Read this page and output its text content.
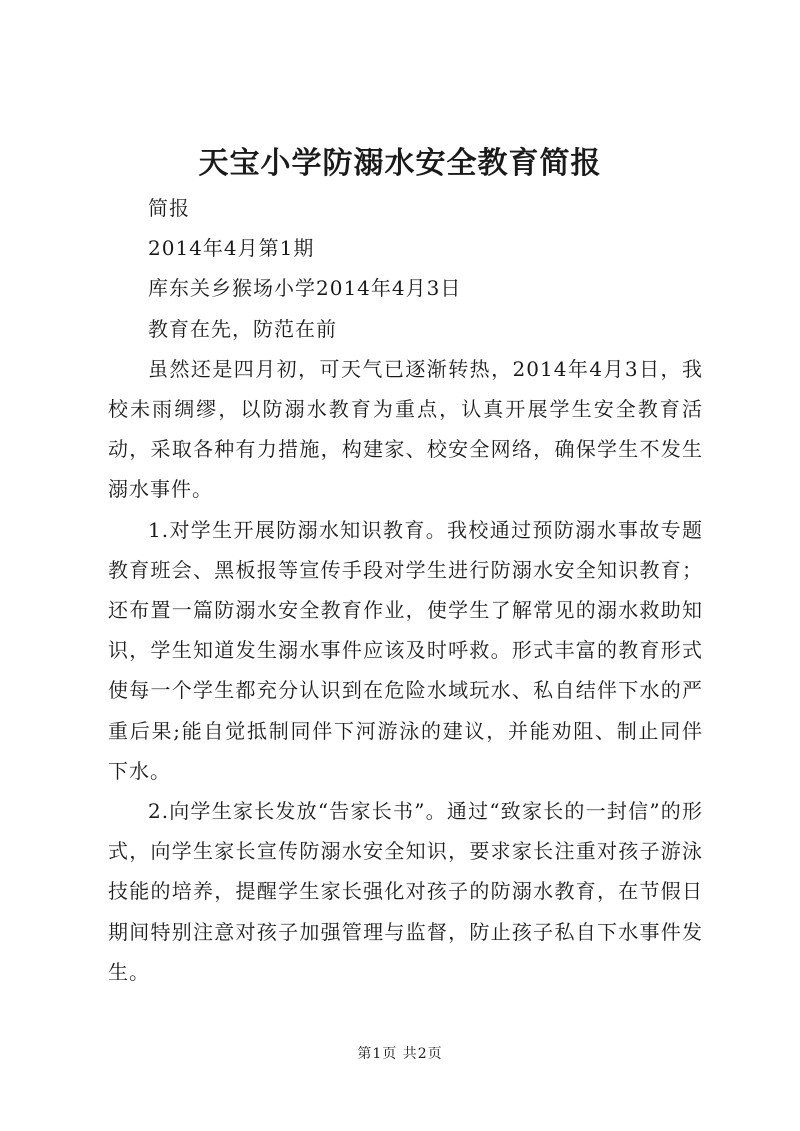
天宝小学防溺水安全教育简报

简报

2014年4月第1期

库东关乡猴场小学2014年4月3日

教育在先，防范在前

虽然还是四月初，可天气已逐渐转热，2014年4月3日，我校未雨绸缪，以防溺水教育为重点，认真开展学生安全教育活动，采取各种有力措施，构建家、校安全网络，确保学生不发生溺水事件。

1.对学生开展防溺水知识教育。我校通过预防溺水事故专题教育班会、黑板报等宣传手段对学生进行防溺水安全知识教育；还布置一篇防溺水安全教育作业，使学生了解常见的溺水救助知识，学生知道发生溺水事件应该及时呼救。形式丰富的教育形式使每一个学生都充分认识到在危险水域玩水、私自结伴下水的严重后果;能自觉抵制同伴下河游泳的建议，并能劝阻、制止同伴下水。

2.向学生家长发放“告家长书”。通过“致家长的一封信”的形式，向学生家长宣传防溺水安全知识，要求家长注重对孩子游泳技能的培养，提醒学生家长强化对孩子的防溺水教育，在节假日期间特别注意对孩子加强管理与监督，防止孩子私自下水事件发生。

第1页 共2页
